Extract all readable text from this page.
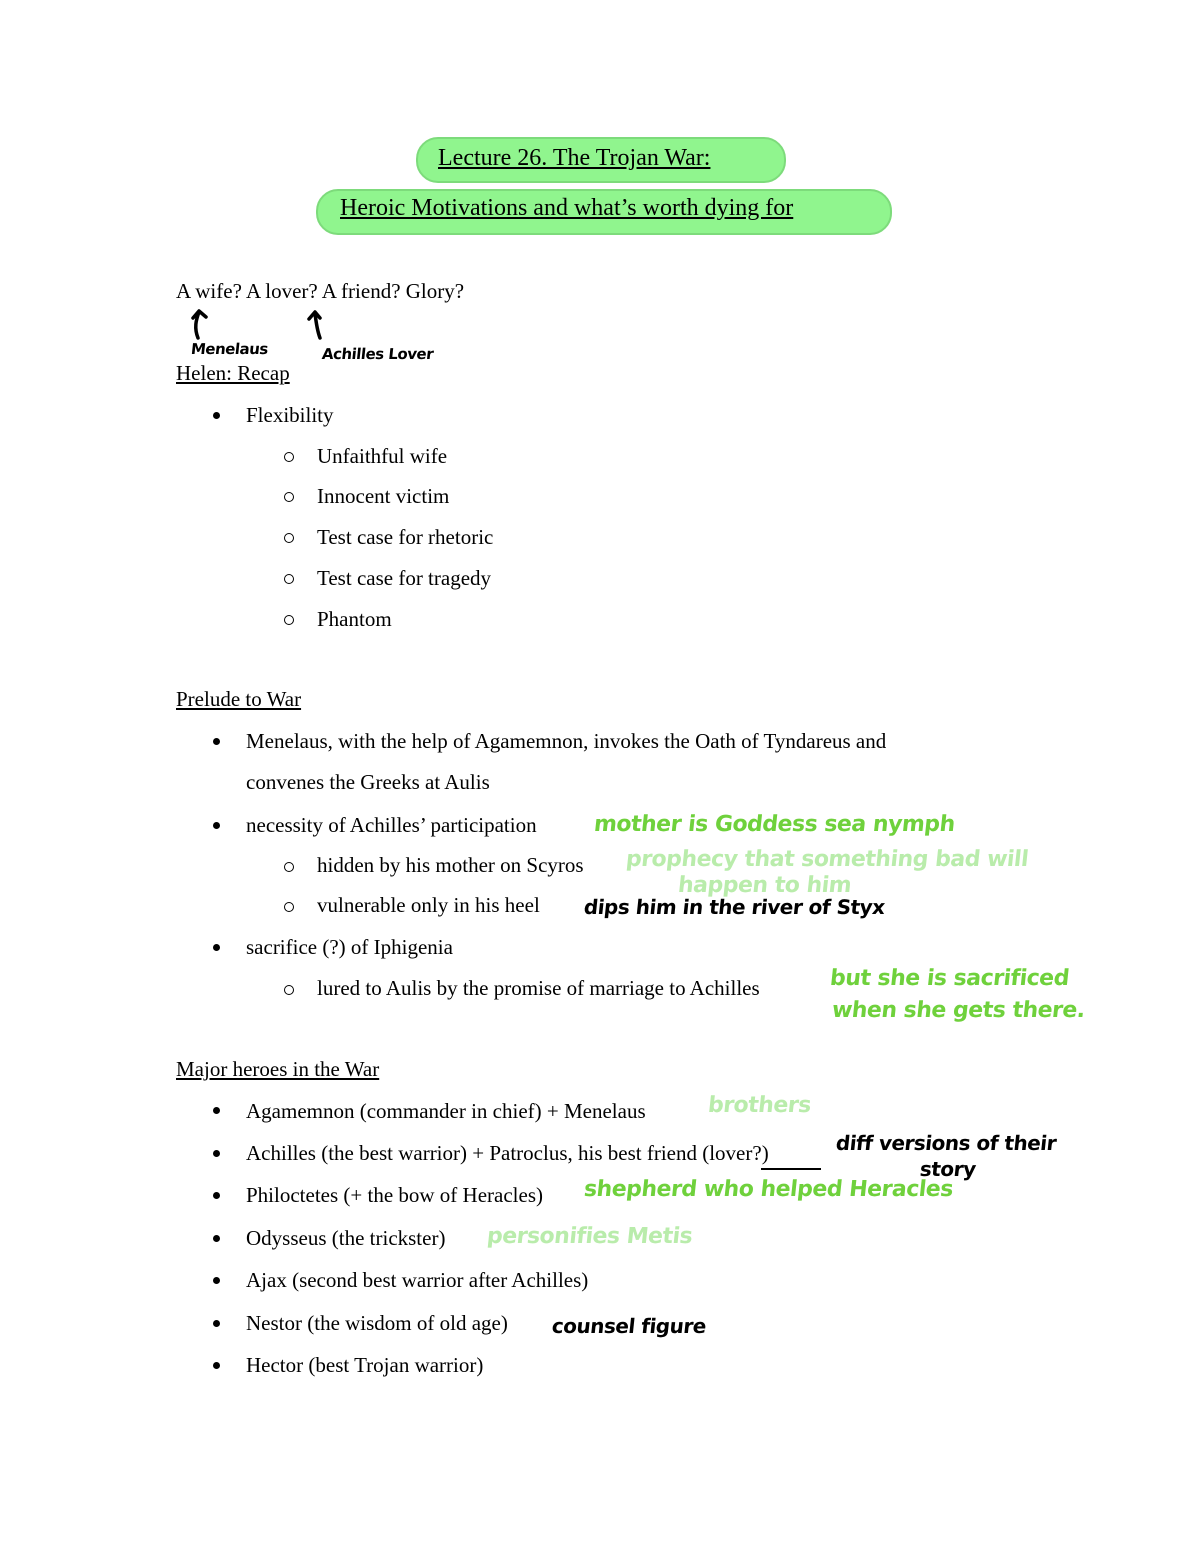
Lecture 26. The Trojan War:
Heroic Motivations and what’s worth dying for
A wife? A lover? A friend? Glory?
Menelaus	Achilles Lover
Helen: Recap
Flexibility
Unfaithful wife
Innocent victim
Test case for rhetoric
Test case for tragedy
Phantom
Prelude to War
Menelaus, with the help of Agamemnon, invokes the Oath of Tyndareus and
convenes the Greeks at Aulis
necessity of Achilles’ participation	mother is Goddess sea nymph
hidden by his mother on Scyros prophecy that something bad will
happen to him
vulnerable only in his heel dips him in the river of Styx
sacrifice (?) of Iphigenia
lured to Aulis by the promise of marriage to Achilles	but she is sacrificed
when she gets there.
Major heroes in the War
Agamemnon (commander in chief) + Menelaus	brothers
Achilles (the best warrior) + Patroclus, his best friend (lover?)	diff versions of their
story
Philoctetes (+ the bow of Heracles) shepherd who helped Heracles
Odysseus (the trickster) personifies Metis
Ajax (second best warrior after Achilles)
Nestor (the wisdom of old age) counsel figure
Hector (best Trojan warrior)
